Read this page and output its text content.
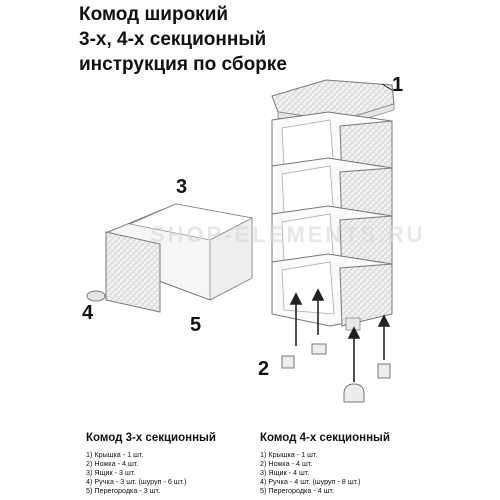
Комод широкий
3-х, 4-х секционный
инструкция по сборке
SHOP-ELEMENTS.RU
1
2
3
4
5
Комод 3-х секционный
1) Крышка - 1 шт.
2) Ножка - 4 шт.
3) Ящик - 3 шт.
4) Ручка - 3 шт. (шуруп - 6 шт.)
5) Перегородка - 3 шт.
Комод 4-х секционный
1) Крышка - 1 шт.
2) Ножка - 4 шт.
3) Ящик - 4 шт.
4) Ручка - 4 шт. (шуруп - 8 шт.)
5) Перегородка - 4 шт.
